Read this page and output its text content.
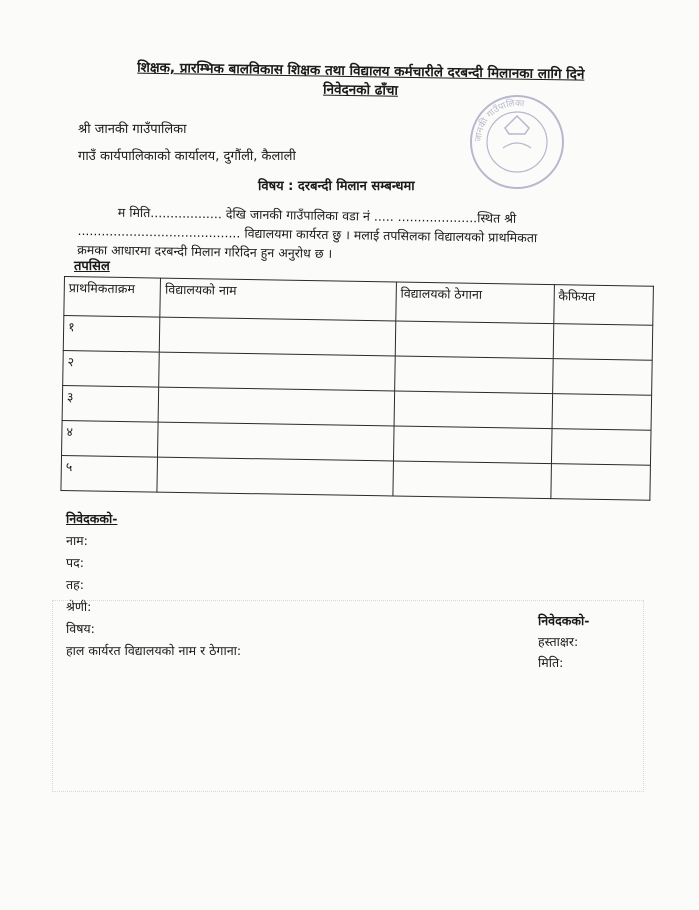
शिक्षक, प्रारम्भिक बालविकास शिक्षक तथा विद्यालय कर्मचारीले दरबन्दी मिलानका लागि दिने
निवेदनको ढाँचा
श्री जानकी गाउँपालिका
गाउँ कार्यपालिकाको कार्यालय, दुगौंली, कैलाली
जानकी गाउँपालिका
विषय : दरबन्दी मिलान सम्बन्धमा
म मिति.................. देखि जानकी गाउँपालिका वडा नं ..... ....................स्थित श्री
......................................... विद्यालयमा कार्यरत छु । मलाई तपसिलका विद्यालयको प्राथमिकता
क्रमका आधारमा दरबन्दी मिलान गरिदिन हुन अनुरोध छ ।
तपसिल
प्राथमिकताक्रम	विद्यालयको नाम	विद्यालयको ठेगाना	कैफियत
१			
२			
३			
४			
५			
निवेदकको-
नाम:
पद:
तह:
श्रेणी:
विषय:
हाल कार्यरत विद्यालयको नाम र ठेगाना:
निवेदकको-
हस्ताक्षर:
मिति:
